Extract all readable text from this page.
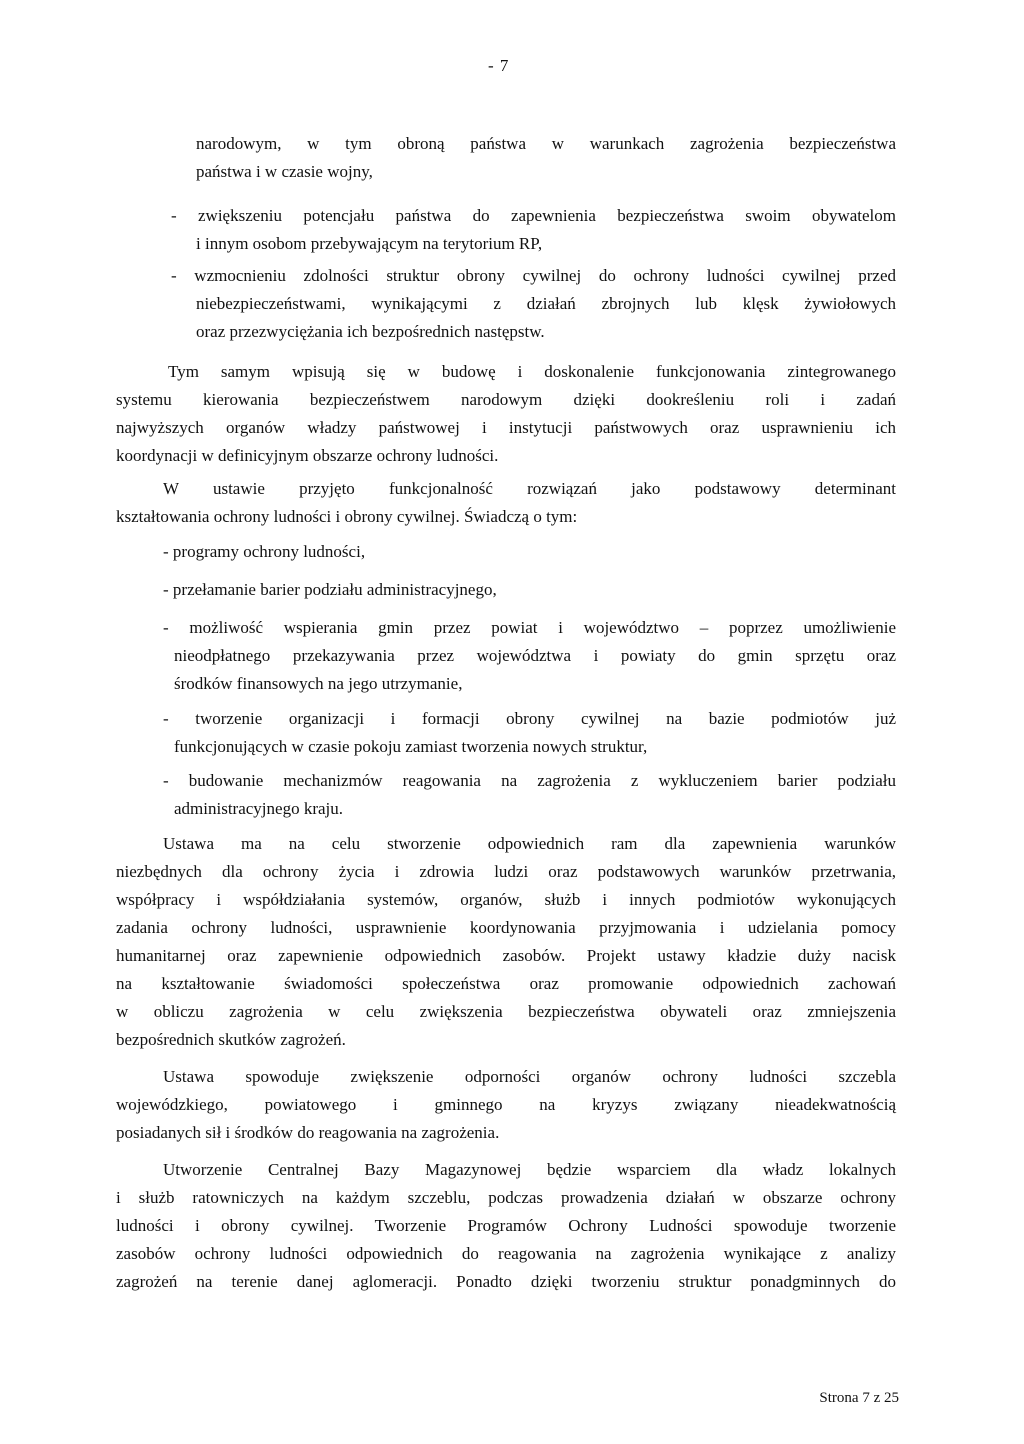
- 7
narodowym, w tym obroną państwa w warunkach zagrożenia bezpieczeństwa
państwa i w czasie wojny,
- zwiększeniu potencjału państwa do zapewnienia bezpieczeństwa swoim obywatelom
i innym osobom przebywającym na terytorium RP,
- wzmocnieniu zdolności struktur obrony cywilnej do ochrony ludności cywilnej przed
niebezpieczeństwami, wynikającymi z działań zbrojnych lub klęsk żywiołowych
oraz przezwyciężania ich bezpośrednich następstw.
Tym samym wpisują się w budowę i doskonalenie funkcjonowania zintegrowanego
systemu kierowania bezpieczeństwem narodowym dzięki dookreśleniu roli i zadań
najwyższych organów władzy państwowej i instytucji państwowych oraz usprawnieniu ich
koordynacji w definicyjnym obszarze ochrony ludności.
W ustawie przyjęto funkcjonalność rozwiązań jako podstawowy determinant
kształtowania ochrony ludności i obrony cywilnej. Świadczą o tym:
- programy ochrony ludności,
- przełamanie barier podziału administracyjnego,
- możliwość wspierania gmin przez powiat i województwo – poprzez umożliwienie
nieodpłatnego przekazywania przez województwa i powiaty do gmin sprzętu oraz
środków finansowych na jego utrzymanie,
- tworzenie organizacji i formacji obrony cywilnej na bazie podmiotów już
funkcjonujących w czasie pokoju zamiast tworzenia nowych struktur,
- budowanie mechanizmów reagowania na zagrożenia z wykluczeniem barier podziału
administracyjnego kraju.
Ustawa ma na celu stworzenie odpowiednich ram dla zapewnienia warunków
niezbędnych dla ochrony życia i zdrowia ludzi oraz podstawowych warunków przetrwania,
współpracy i współdziałania systemów, organów, służb i innych podmiotów wykonujących
zadania ochrony ludności, usprawnienie koordynowania przyjmowania i udzielania pomocy
humanitarnej oraz zapewnienie odpowiednich zasobów. Projekt ustawy kładzie duży nacisk
na kształtowanie świadomości społeczeństwa oraz promowanie odpowiednich zachowań
w obliczu zagrożenia w celu zwiększenia bezpieczeństwa obywateli oraz zmniejszenia
bezpośrednich skutków zagrożeń.
Ustawa spowoduje zwiększenie odporności organów ochrony ludności szczebla
wojewódzkiego, powiatowego i gminnego na kryzys związany nieadekwatnością
posiadanych sił i środków do reagowania na zagrożenia.
Utworzenie Centralnej Bazy Magazynowej będzie wsparciem dla władz lokalnych
i służb ratowniczych na każdym szczeblu, podczas prowadzenia działań w obszarze ochrony
ludności i obrony cywilnej. Tworzenie Programów Ochrony Ludności spowoduje tworzenie
zasobów ochrony ludności odpowiednich do reagowania na zagrożenia wynikające z analizy
zagrożeń na terenie danej aglomeracji. Ponadto dzięki tworzeniu struktur ponadgminnych do
Strona 7 z 25
